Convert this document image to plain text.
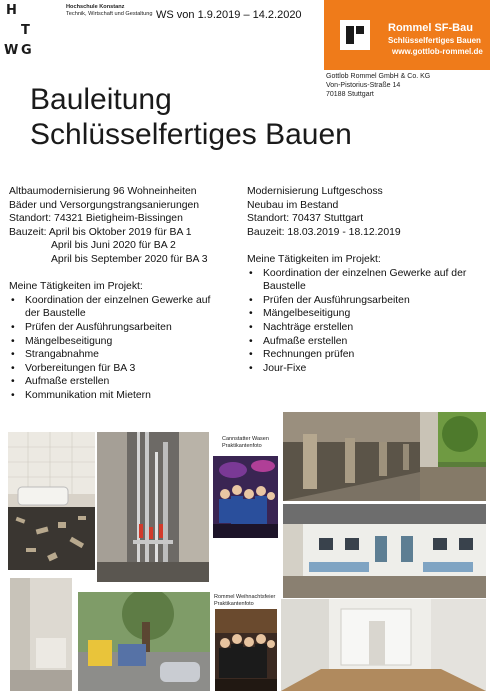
H
T
W G
Hochschule Konstanz
Technik, Wirtschaft und Gestaltung WS von 1.9.2019 – 14.2.2020
Rommel SF-Bau
Schlüsselfertiges Bauen
www.gottlob-rommel.de
Gottlob Rommel GmbH & Co. KG
Von-Pistorius-Straße 14
70188 Stuttgart
Bauleitung
Schlüsselfertiges Bauen
Altbaumodernisierung 96 Wohneinheiten
Bäder und Versorgungstrangsanierungen
Standort: 74321 Bietigheim-Bissingen
Bauzeit: April bis Oktober 2019 für BA 1
April bis Juni 2020 für BA 2
April bis September 2020 für BA 3
Meine Tätigkeiten im Projekt:
• Koordination der einzelnen Gewerke auf
der Baustelle
• Prüfen der Ausführungsarbeiten
• Mängelbeseitigung
• Strangabnahme
• Vorbereitungen für BA 3
• Aufmaße erstellen
• Kommunikation mit Mietern
Modernisierung Luftgeschoss
Neubau im Bestand
Standort: 70437 Stuttgart
Bauzeit: 18.03.2019 - 18.12.2019
Meine Tätigkeiten im Projekt:
• Koordination der einzelnen Gewerke auf der
Baustelle
• Prüfen der Ausführungsarbeiten
• Mängelbeseitigung
• Nachträge erstellen
• Aufmaße erstellen
• Rechnungen prüfen
• Jour-Fixe
Cannstatter Wasen
Praktikantenfoto
Rommel Weihnachtsfeier
Praktikantenfoto
